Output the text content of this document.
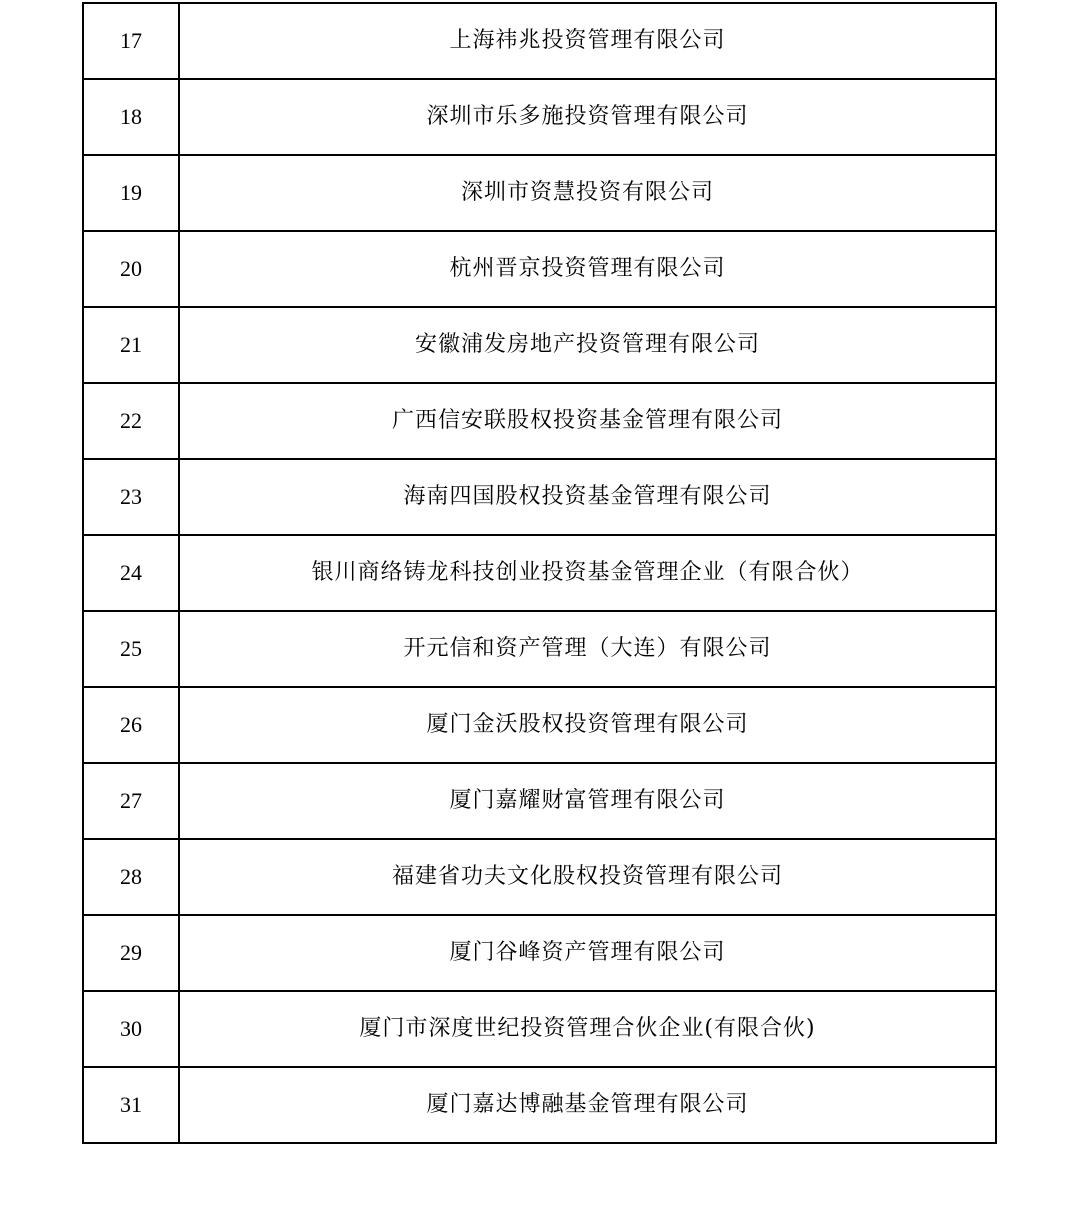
17	上海祎兆投资管理有限公司
18	深圳市乐多施投资管理有限公司
19	深圳市资慧投资有限公司
20	杭州晋京投资管理有限公司
21	安徽浦发房地产投资管理有限公司
22	广西信安联股权投资基金管理有限公司
23	海南四国股权投资基金管理有限公司
24	银川商络铸龙科技创业投资基金管理企业（有限合伙）
25	开元信和资产管理（大连）有限公司
26	厦门金沃股权投资管理有限公司
27	厦门嘉耀财富管理有限公司
28	福建省功夫文化股权投资管理有限公司
29	厦门谷峰资产管理有限公司
30	厦门市深度世纪投资管理合伙企业(有限合伙)
31	厦门嘉达博融基金管理有限公司
